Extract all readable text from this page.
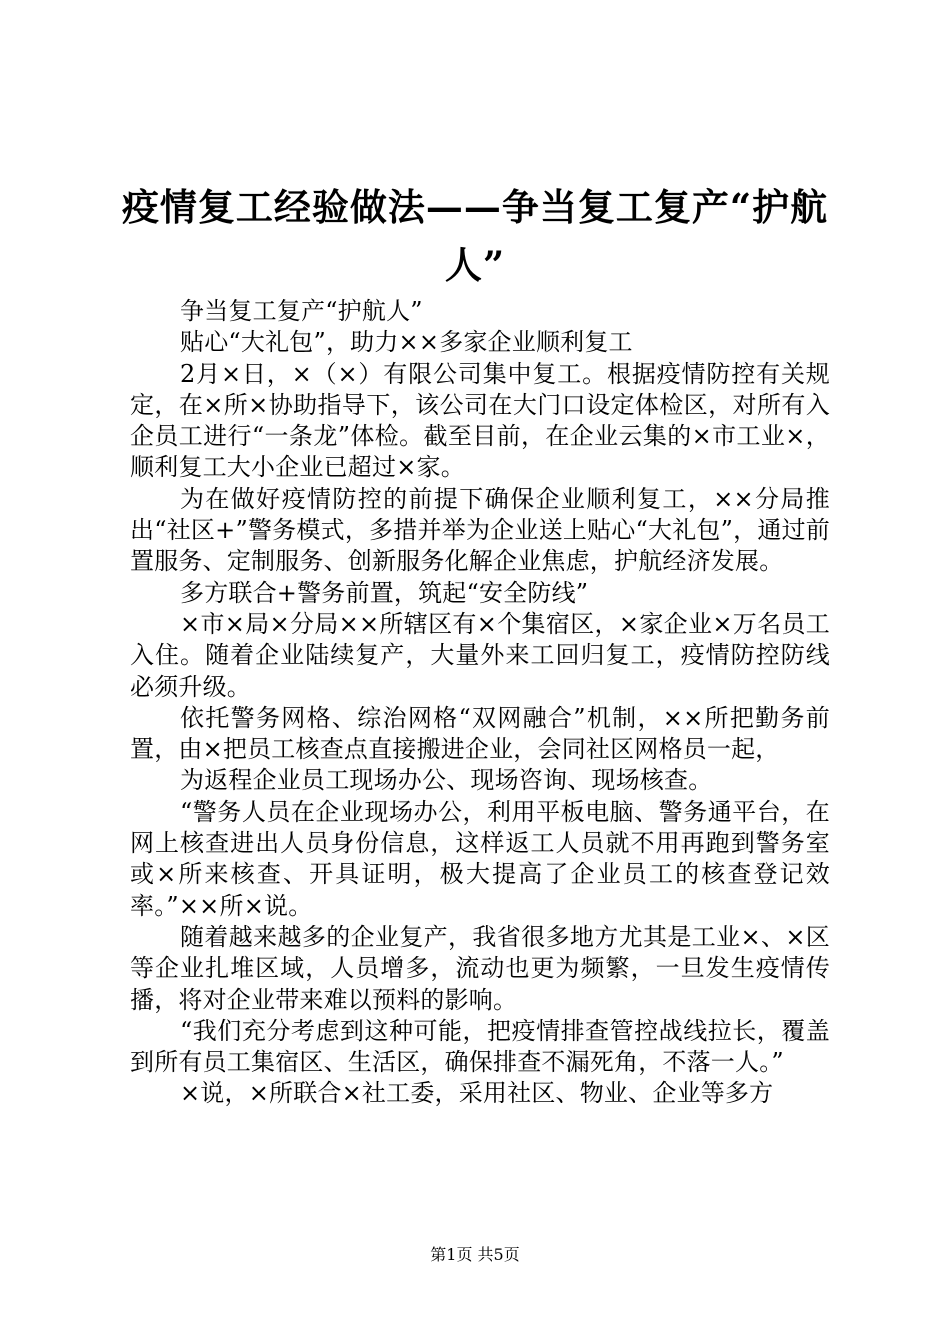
疫情复工经验做法——争当复工复产“护航人”

争当复工复产“护航人”

贴心“大礼包”，助力××多家企业顺利复工

2月×日，×（×）有限公司集中复工。根据疫情防控有关规定，在×所×协助指导下，该公司在大门口设定体检区，对所有入企员工进行“一条龙”体检。截至目前，在企业云集的×市工业×，顺利复工大小企业已超过×家。

为在做好疫情防控的前提下确保企业顺利复工，××分局推出“社区+”警务模式，多措并举为企业送上贴心“大礼包”，通过前置服务、定制服务、创新服务化解企业焦虑，护航经济发展。

多方联合+警务前置，筑起“安全防线”

×市×局×分局××所辖区有×个集宿区，×家企业×万名员工入住。随着企业陆续复产，大量外来工回归复工，疫情防控防线必须升级。

依托警务网格、综治网格“双网融合”机制，××所把勤务前置，由×把员工核查点直接搬进企业，会同社区网格员一起，

为返程企业员工现场办公、现场咨询、现场核查。

“警务人员在企业现场办公，利用平板电脑、警务通平台，在网上核查进出人员身份信息，这样返工人员就不用再跑到警务室或×所来核查、开具证明，极大提高了企业员工的核查登记效率。”××所×说。

随着越来越多的企业复产，我省很多地方尤其是工业×、×区等企业扎堆区域，人员增多，流动也更为频繁，一旦发生疫情传播，将对企业带来难以预料的影响。

“我们充分考虑到这种可能，把疫情排查管控战线拉长，覆盖到所有员工集宿区、生活区，确保排查不漏死角，不落一人。”

×说，×所联合×社工委，采用社区、物业、企业等多方

第1页 共5页
